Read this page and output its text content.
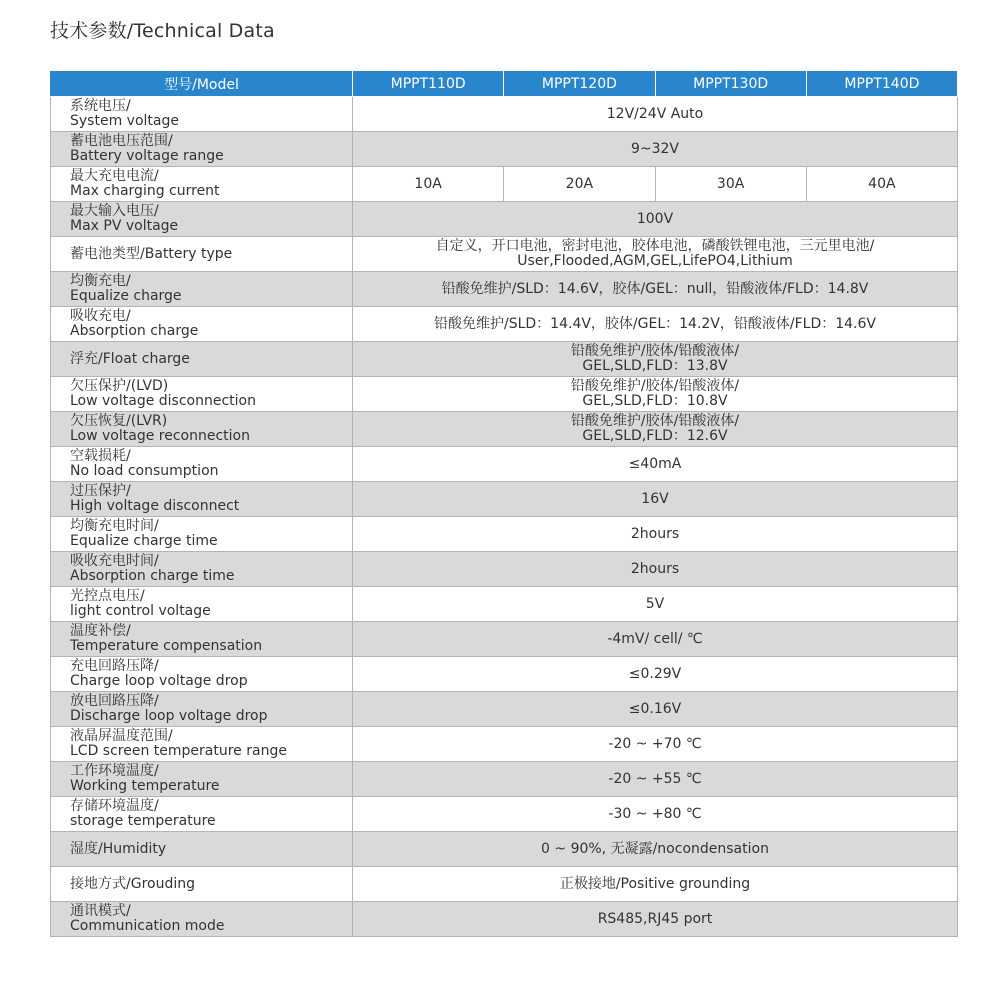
技术参数/Technical Data
型号/Model	MPPT110D	MPPT120D	MPPT130D	MPPT140D

系统电压/
System voltage	12V/24V Auto			

蓄电池电压范围/
Battery voltage range	9~32V			

最大充电电流/
Max charging current	10A	20A	30A	40A

最大输入电压/
Max PV voltage	100V			

蓄电池类型/Battery type	自定义，开口电池，密封电池，胶体电池，磷酸铁锂电池，三元里电池/
User,Flooded,AGM,GEL,LifePO4,Lithium			

均衡充电/
Equalize charge	铅酸免维护/SLD：14.6V，胶体/GEL：null，铅酸液体/FLD：14.8V			

吸收充电/
Absorption charge	铅酸免维护/SLD：14.4V，胶体/GEL：14.2V，铅酸液体/FLD：14.6V			

浮充/Float charge	铅酸免维护/胶体/铅酸液体/
GEL,SLD,FLD：13.8V			

欠压保护/(LVD)
Low voltage disconnection	铅酸免维护/胶体/铅酸液体/
GEL,SLD,FLD：10.8V			

欠压恢复/(LVR)
Low voltage reconnection	铅酸免维护/胶体/铅酸液体/
GEL,SLD,FLD：12.6V			

空载损耗/
No load consumption	≤40mA			

过压保护/
High voltage disconnect	16V			

均衡充电时间/
Equalize charge time	2hours			

吸收充电时间/
Absorption charge time	2hours			

光控点电压/
light control voltage	5V			

温度补偿/
Temperature compensation	-4mV/ cell/ ℃			

充电回路压降/
Charge loop voltage drop	≤0.29V			

放电回路压降/
Discharge loop voltage drop	≤0.16V			

液晶屏温度范围/
LCD screen temperature range	-20 ~ +70 ℃			

工作环境温度/
Working temperature	-20 ~ +55 ℃			

存储环境温度/
storage temperature	-30 ~ +80 ℃			

湿度/Humidity	0 ~ 90%, 无凝露/nocondensation			

接地方式/Grouding	正极接地/Positive grounding			

通讯模式/
Communication mode	RS485,RJ45 port			
